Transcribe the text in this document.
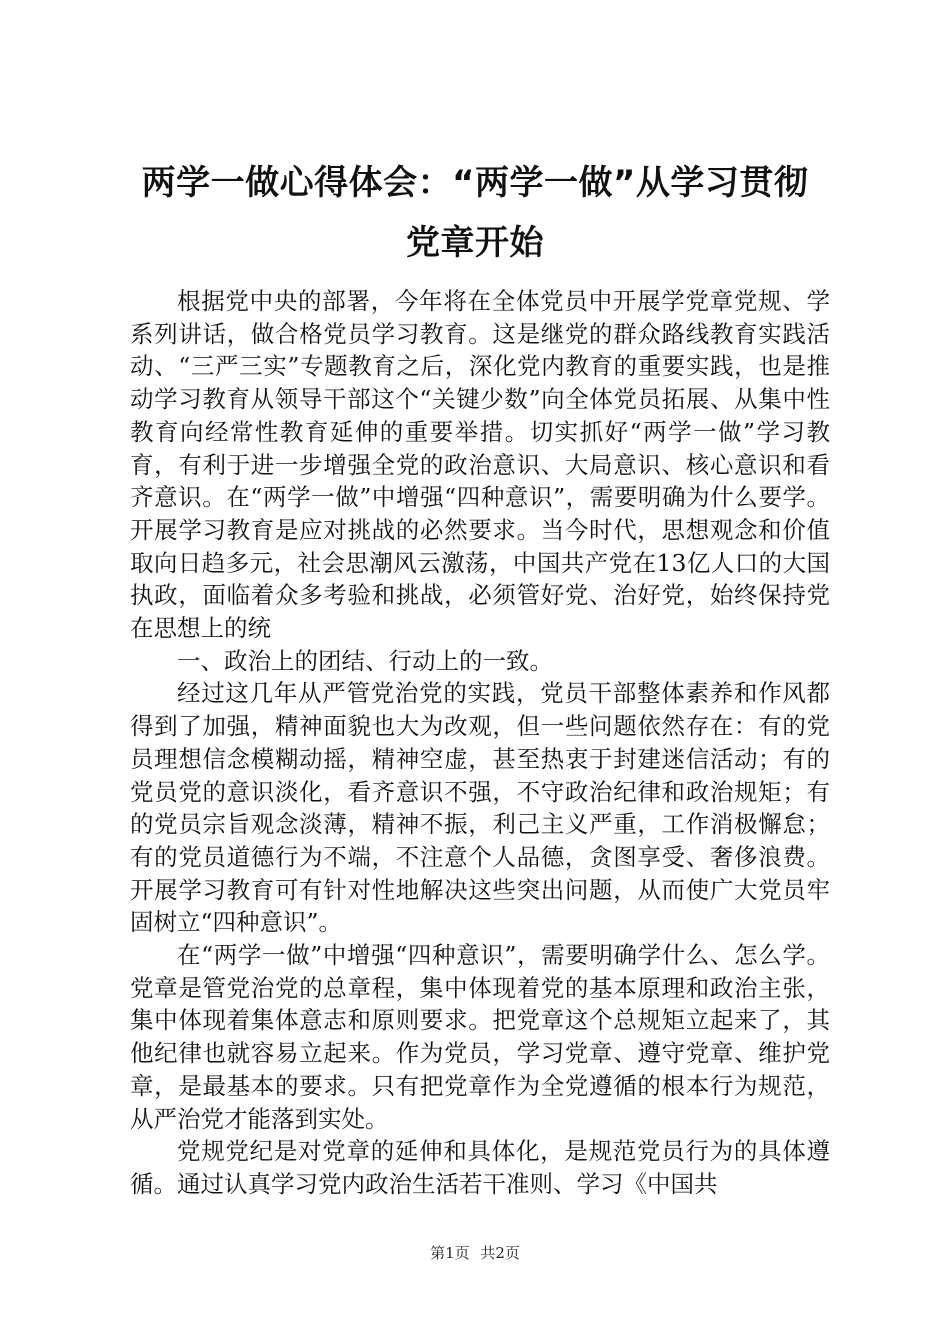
两学一做心得体会：“两学一做”从学习贯彻
党章开始

根据党中央的部署，今年将在全体党员中开展学党章党规、学系列讲话，做合格党员学习教育。这是继党的群众路线教育实践活动、“三严三实”专题教育之后，深化党内教育的重要实践，也是推动学习教育从领导干部这个“关键少数”向全体党员拓展、从集中性教育向经常性教育延伸的重要举措。切实抓好“两学一做”学习教育，有利于进一步增强全党的政治意识、大局意识、核心意识和看齐意识。在“两学一做”中增强“四种意识”，需要明确为什么要学。开展学习教育是应对挑战的必然要求。当今时代，思想观念和价值取向日趋多元，社会思潮风云激荡，中国共产党在13亿人口的大国执政，面临着众多考验和挑战，必须管好党、治好党，始终保持党在思想上的统

一、政治上的团结、行动上的一致。

经过这几年从严管党治党的实践，党员干部整体素养和作风都得到了加强，精神面貌也大为改观，但一些问题依然存在：有的党员理想信念模糊动摇，精神空虚，甚至热衷于封建迷信活动；有的党员党的意识淡化，看齐意识不强，不守政治纪律和政治规矩；有的党员宗旨观念淡薄，精神不振，利己主义严重，工作消极懈怠；有的党员道德行为不端，不注意个人品德，贪图享受、奢侈浪费。开展学习教育可有针对性地解决这些突出问题，从而使广大党员牢固树立“四种意识”。

在“两学一做”中增强“四种意识”，需要明确学什么、怎么学。党章是管党治党的总章程，集中体现着党的基本原理和政治主张，集中体现着集体意志和原则要求。把党章这个总规矩立起来了，其他纪律也就容易立起来。作为党员，学习党章、遵守党章、维护党章，是最基本的要求。只有把党章作为全党遵循的根本行为规范，从严治党才能落到实处。

党规党纪是对党章的延伸和具体化，是规范党员行为的具体遵循。通过认真学习党内政治生活若干准则、学习《中国共

第1页 共2页
